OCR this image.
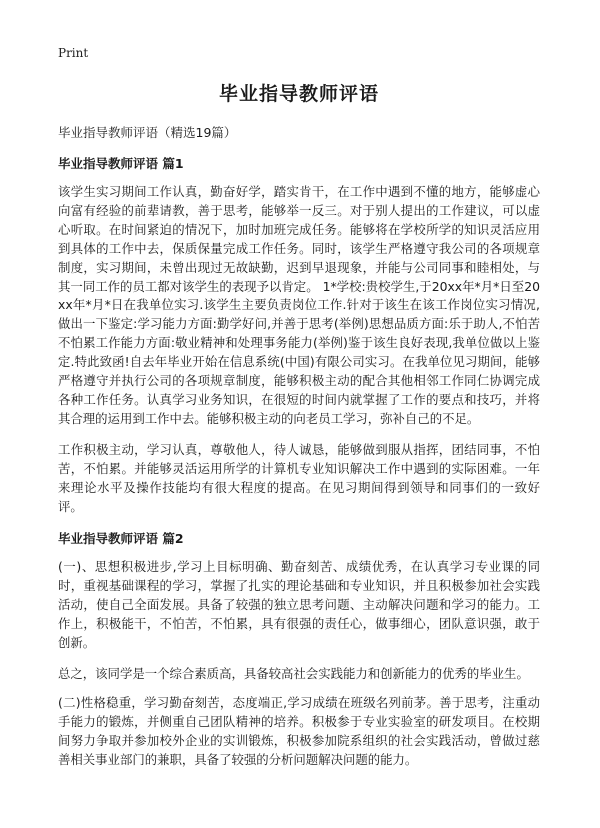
Print
毕业指导教师评语
毕业指导教师评语（精选19篇）
毕业指导教师评语 篇1

该学生实习期间工作认真，勤奋好学，踏实肯干，在工作中遇到不懂的地方，能够虚心向富有经验的前辈请教，善于思考，能够举一反三。对于别人提出的工作建议，可以虚心听取。在时间紧迫的情况下，加时加班完成任务。能够将在学校所学的知识灵活应用到具体的工作中去，保质保量完成工作任务。同时，该学生严格遵守我公司的各项规章制度，实习期间，未曾出现过无故缺勤，迟到早退现象，并能与公司同事和睦相处，与其一同工作的员工都对该学生的表现予以肯定。 1*学校:贵校学生,于20xx年*月*日至20xx年*月*日在我单位实习.该学生主要负责岗位工作.针对于该生在该工作岗位实习情况,做出一下鉴定:学习能力方面:勤学好问,并善于思考(举例)思想品质方面:乐于助人,不怕苦不怕累工作能力方面:敬业精神和处理事务能力(举例)鉴于该生良好表现,我单位做以上鉴定.特此致函!自去年毕业开始在信息系统(中国)有限公司实习。在我单位见习期间，能够严格遵守并执行公司的各项规章制度，能够积极主动的配合其他相邻工作同仁协调完成各种工作任务。认真学习业务知识，在很短的时间内就掌握了工作的要点和技巧，并将其合理的运用到工作中去。能够积极主动的向老员工学习，弥补自己的不足。

工作积极主动，学习认真，尊敬他人，待人诚恳，能够做到服从指挥，团结同事，不怕苦，不怕累。并能够灵活运用所学的计算机专业知识解决工作中遇到的实际困难。一年来理论水平及操作技能均有很大程度的提高。在见习期间得到领导和同事们的一致好评。

毕业指导教师评语 篇2

(一)、思想积极进步,学习上目标明确、勤奋刻苦、成绩优秀，在认真学习专业课的同时，重视基础课程的学习，掌握了扎实的理论基础和专业知识，并且积极参加社会实践活动，使自己全面发展。具备了较强的独立思考问题、主动解决问题和学习的能力。工作上，积极能干，不怕苦，不怕累，具有很强的责任心，做事细心，团队意识强，敢于创新。

总之，该同学是一个综合素质高，具备较高社会实践能力和创新能力的优秀的毕业生。

(二)性格稳重，学习勤奋刻苦，态度端正,学习成绩在班级名列前茅。善于思考，注重动手能力的锻炼，并侧重自己团队精神的培养。积极参于专业实验室的研发项目。在校期间努力争取并参加校外企业的实训锻炼，积极参加院系组织的社会实践活动，曾做过慈善相关事业部门的兼职，具备了较强的分析问题解决问题的能力。
